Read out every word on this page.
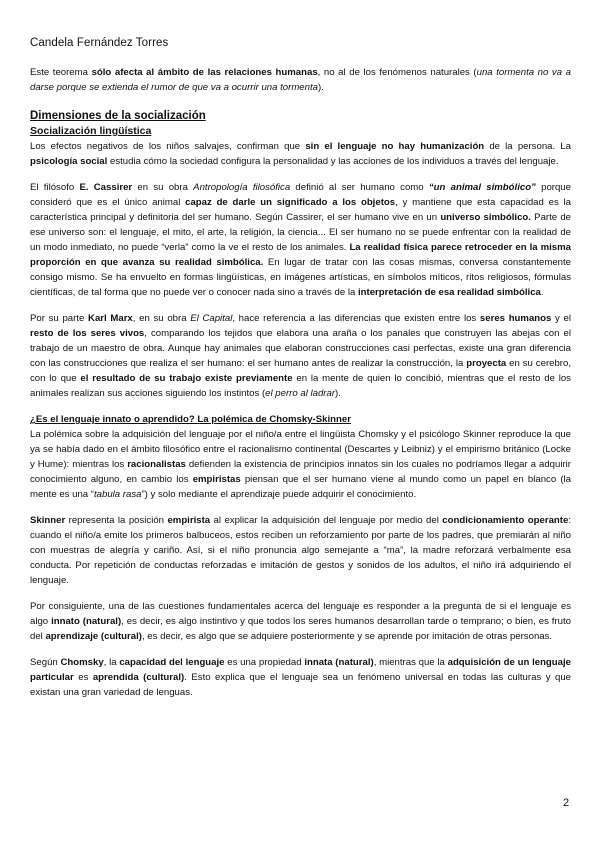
Candela Fernández Torres

Este teorema sólo afecta al ámbito de las relaciones humanas, no al de los fenómenos naturales (una tormenta no va a darse porque se extienda el rumor de que va a ocurrir una tormenta).

Dimensiones de la socialización
Socialización lingüística

Los efectos negativos de los niños salvajes, confirman que sin el lenguaje no hay humanización de la persona. La psicología social estudia cómo la sociedad configura la personalidad y las acciones de los individuos a través del lenguaje.

El filósofo E. Cassirer en su obra Antropología filosófica definió al ser humano como “un animal simbólico” porque consideró que es el único animal capaz de darle un significado a los objetos, y mantiene que esta capacidad es la característica principal y definitoria del ser humano. Según Cassirer, el ser humano vive en un universo simbólico. Parte de ese universo son: el lenguaje, el mito, el arte, la religión, la ciencia... El ser humano no se puede enfrentar con la realidad de un modo inmediato, no puede “verla” como la ve el resto de los animales. La realidad física parece retroceder en la misma proporción en que avanza su realidad simbólica. En lugar de tratar con las cosas mismas, conversa constantemente consigo mismo. Se ha envuelto en formas lingüísticas, en imágenes artísticas, en símbolos míticos, ritos religiosos, fórmulas científicas, de tal forma que no puede ver o conocer nada sino a través de la interpretación de esa realidad simbólica.

Por su parte Karl Marx, en su obra El Capital, hace referencia a las diferencias que existen entre los seres humanos y el resto de los seres vivos, comparando los tejidos que elabora una araña o los panales que construyen las abejas con el trabajo de un maestro de obra. Aunque hay animales que elaboran construcciones casi perfectas, existe una gran diferencia con las construcciones que realiza el ser humano: el ser humano antes de realizar la construcción, la proyecta en su cerebro, con lo que el resultado de su trabajo existe previamente en la mente de quien lo concibió, mientras que el resto de los animales realizan sus acciones siguiendo los instintos (el perro al ladrar).

¿Es el lenguaje innato o aprendido? La polémica de Chomsky-Skinner

La polémica sobre la adquisición del lenguaje por el niño/a entre el lingüista Chomsky y el psicólogo Skinner reproduce la que ya se había dado en el ámbito filosófico entre el racionalismo continental (Descartes y Leibniz) y el empirismo británico (Locke y Hume): mientras los racionalistas defienden la existencia de principios innatos sin los cuales no podríamos llegar a adquirir conocimiento alguno, en cambio los empiristas piensan que el ser humano viene al mundo como un papel en blanco (la mente es una “tabula rasa”) y solo mediante el aprendizaje puede adquirir el conocimiento.

Skinner representa la posición empirista al explicar la adquisición del lenguaje por medio del condicionamiento operante: cuando el niño/a emite los primeros balbuceos, estos reciben un reforzamiento por parte de los padres, que premiarán al niño con muestras de alegría y cariño. Así, si el niño pronuncia algo semejante a “ma”, la madre reforzará verbalmente esa conducta. Por repetición de conductas reforzadas e imitación de gestos y sonidos de los adultos, el niño irá adquiriendo el lenguaje.

Por consiguiente, una de las cuestiones fundamentales acerca del lenguaje es responder a la pregunta de si el lenguaje es algo innato (natural), es decir, es algo instintivo y que todos los seres humanos desarrollan tarde o temprano; o bien, es fruto del aprendizaje (cultural), es decir, es algo que se adquiere posteriormente y se aprende por imitación de otras personas.

Según Chomsky, la capacidad del lenguaje es una propiedad innata (natural), mientras que la adquisición de un lenguaje particular es aprendida (cultural). Esto explica que el lenguaje sea un fenómeno universal en todas las culturas y que existan una gran variedad de lenguas.

2
